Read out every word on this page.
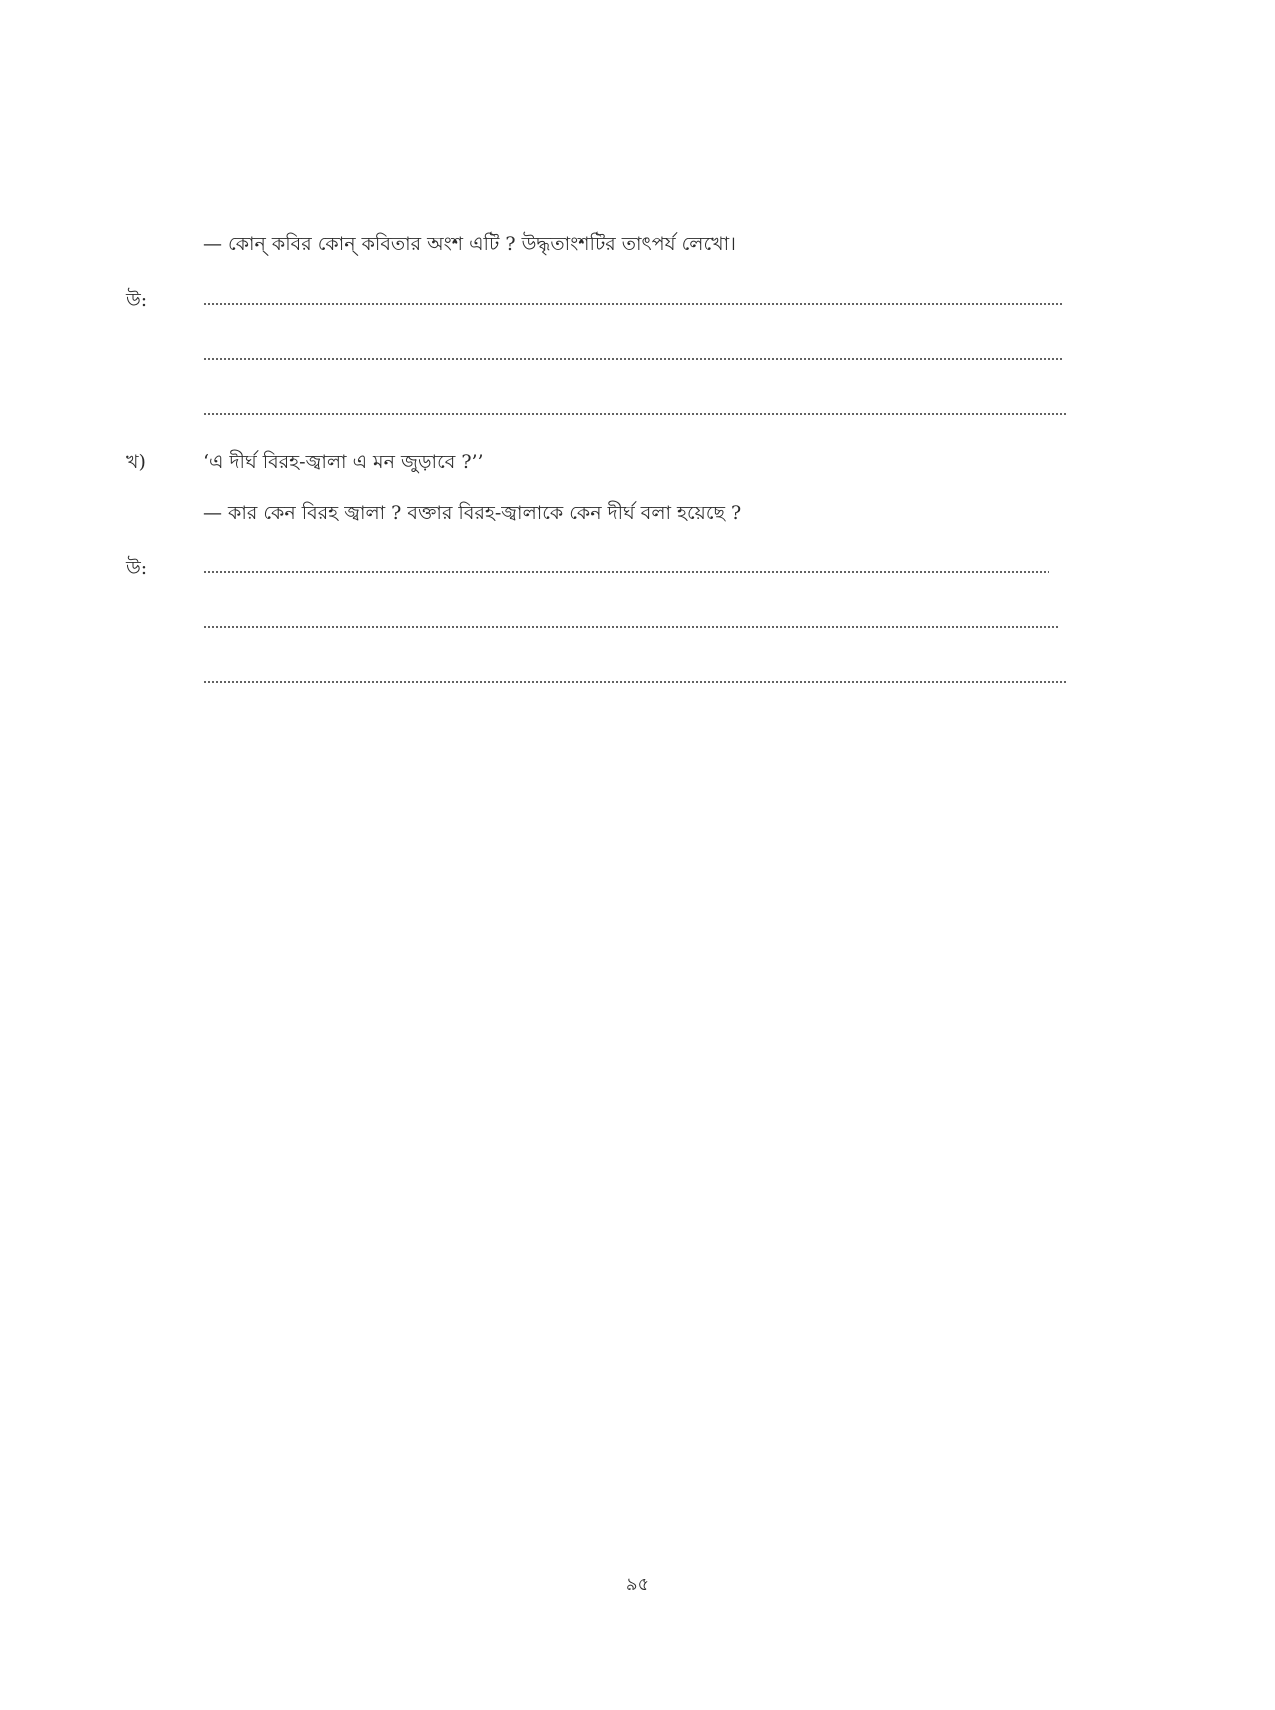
— কোন্ কবির কোন্ কবিতার অংশ এটি ? উদ্ধৃতাংশটির তাৎপর্য লেখো।
উ:
খ)	‘এ দীর্ঘ বিরহ-জ্বালা এ মন জুড়াবে ?’’
— কার কেন বিরহ জ্বালা ? বক্তার বিরহ-জ্বালাকে কেন দীর্ঘ বলা হয়েছে ?
উ:
৯৫
